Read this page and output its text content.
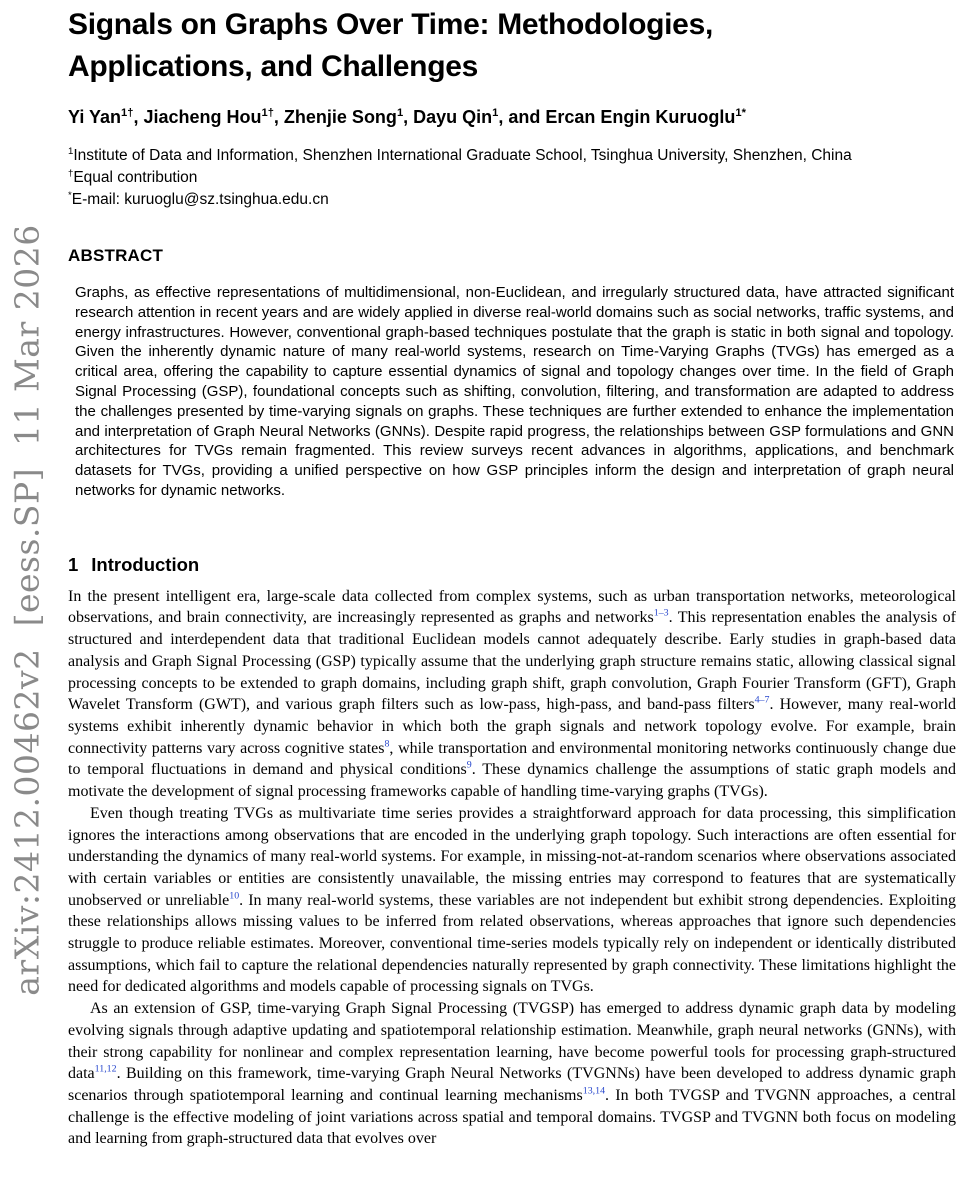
arXiv:2412.00462v2  [eess.SP]  11 Mar 2026
Signals on Graphs Over Time: Methodologies,
Applications, and Challenges
Yi Yan$^{1\dagger}$, Jiacheng Hou$^{1\dagger}$, Zhenjie Song$^1$, Dayu Qin$^1$, and Ercan Engin Kuruoglu$^{1*}$
$^1$Institute of Data and Information, Shenzhen International Graduate School, Tsinghua University, Shenzhen, China
†Equal contribution
*E-mail: kuruoglu@sz.tsinghua.edu.cn
ABSTRACT
Graphs, as effective representations of multidimensional, non-Euclidean, and irregularly structured data, have attracted significant research attention in recent years and are widely applied in diverse real-world domains such as social networks, traffic systems, and energy infrastructures. However, conventional graph-based techniques postulate that the graph is static in both signal and topology. Given the inherently dynamic nature of many real-world systems, research on Time-Varying Graphs (TVGs) has emerged as a critical area, offering the capability to capture essential dynamics of signal and topology changes over time. In the field of Graph Signal Processing (GSP), foundational concepts such as shifting, convolution, filtering, and transformation are adapted to address the challenges presented by time-varying signals on graphs. These techniques are further extended to enhance the implementation and interpretation of Graph Neural Networks (GNNs). Despite rapid progress, the relationships between GSP formulations and GNN architectures for TVGs remain fragmented. This review surveys recent advances in algorithms, applications, and benchmark datasets for TVGs, providing a unified perspective on how GSP principles inform the design and interpretation of graph neural networks for dynamic networks.
1 Introduction

In the present intelligent era, large-scale data collected from complex systems, such as urban transportation networks, meteorological observations, and brain connectivity, are increasingly represented as graphs and networks$^{1-3}$. This representation enables the analysis of structured and interdependent data that traditional Euclidean models cannot adequately describe. Early studies in graph-based data analysis and Graph Signal Processing (GSP) typically assume that the underlying graph structure remains static, allowing classical signal processing concepts to be extended to graph domains, including graph shift, graph convolution, Graph Fourier Transform (GFT), Graph Wavelet Transform (GWT), and various graph filters such as low-pass, high-pass, and band-pass filters$^{4-7}$. However, many real-world systems exhibit inherently dynamic behavior in which both the graph signals and network topology evolve. For example, brain connectivity patterns vary across cognitive states$^8$, while transportation and environmental monitoring networks continuously change due to temporal fluctuations in demand and physical conditions$^9$. These dynamics challenge the assumptions of static graph models and motivate the development of signal processing frameworks capable of handling time-varying graphs (TVGs).

Even though treating TVGs as multivariate time series provides a straightforward approach for data processing, this simplification ignores the interactions among observations that are encoded in the underlying graph topology. Such interactions are often essential for understanding the dynamics of many real-world systems. For example, in missing-not-at-random scenarios where observations associated with certain variables or entities are consistently unavailable, the missing entries may correspond to features that are systematically unobserved or unreliable$^{10}$. In many real-world systems, these variables are not independent but exhibit strong dependencies. Exploiting these relationships allows missing values to be inferred from related observations, whereas approaches that ignore such dependencies struggle to produce reliable estimates. Moreover, conventional time-series models typically rely on independent or identically distributed assumptions, which fail to capture the relational dependencies naturally represented by graph connectivity. These limitations highlight the need for dedicated algorithms and models capable of processing signals on TVGs.

As an extension of GSP, time-varying Graph Signal Processing (TVGSP) has emerged to address dynamic graph data by modeling evolving signals through adaptive updating and spatiotemporal relationship estimation. Meanwhile, graph neural networks (GNNs), with their strong capability for nonlinear and complex representation learning, have become powerful tools for processing graph-structured data$^{11,12}$. Building on this framework, time-varying Graph Neural Networks (TVGNNs) have been developed to address dynamic graph scenarios through spatiotemporal learning and continual learning mechanisms$^{13,14}$. In both TVGSP and TVGNN approaches, a central challenge is the effective modeling of joint variations across spatial and temporal domains. TVGSP and TVGNN both focus on modeling and learning from graph-structured data that evolves over
